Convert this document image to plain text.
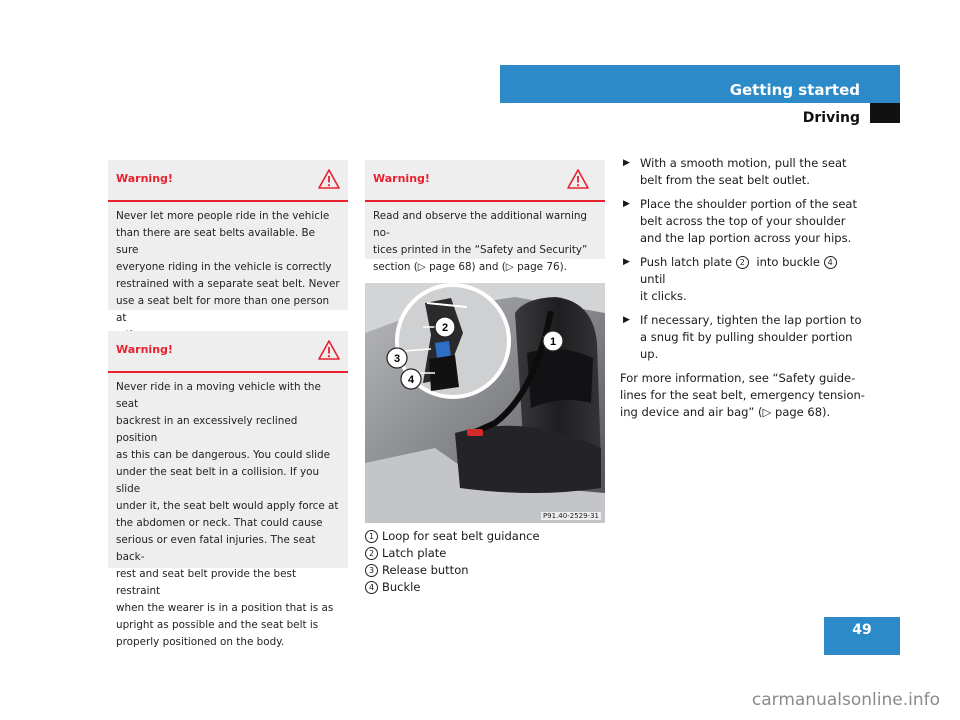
Getting started
Driving
Warning!
Never let more people ride in the vehicle
than there are seat belts available. Be sure
everyone riding in the vehicle is correctly
restrained with a separate seat belt. Never
use a seat belt for more than one person at
Warning!
Never ride in a moving vehicle with the seat
backrest in an excessively reclined position
as this can be dangerous. You could slide
under the seat belt in a collision. If you slide
under it, the seat belt would apply force at
the abdomen or neck. That could cause
serious or even fatal injuries. The seat back-
rest and seat belt provide the best restraint
when the wearer is in a position that is as
upright as possible and the seat belt is
properly positioned on the body.
Warning!
Read and observe the additional warning no-
tices printed in the “Safety and Security”
section (▷ page 68) and (▷ page 76).
1
2
3
4
P91.40-2529-31
1 Loop for seat belt guidance
2 Latch plate
3 Release button
4 Buckle
▶ With a smooth motion, pull the seat
belt from the seat belt outlet.
▶ Place the shoulder portion of the seat
belt across the top of your shoulder
and the lap portion across your hips.
▶ Push latch plate 2 into buckle 4 until
it clicks.
▶ If necessary, tighten the lap portion to
a snug fit by pulling shoulder portion
up.
For more information, see “Safety guide-
lines for the seat belt, emergency tension-
ing device and air bag” (▷ page 68).
49
carmanualsonline.info
